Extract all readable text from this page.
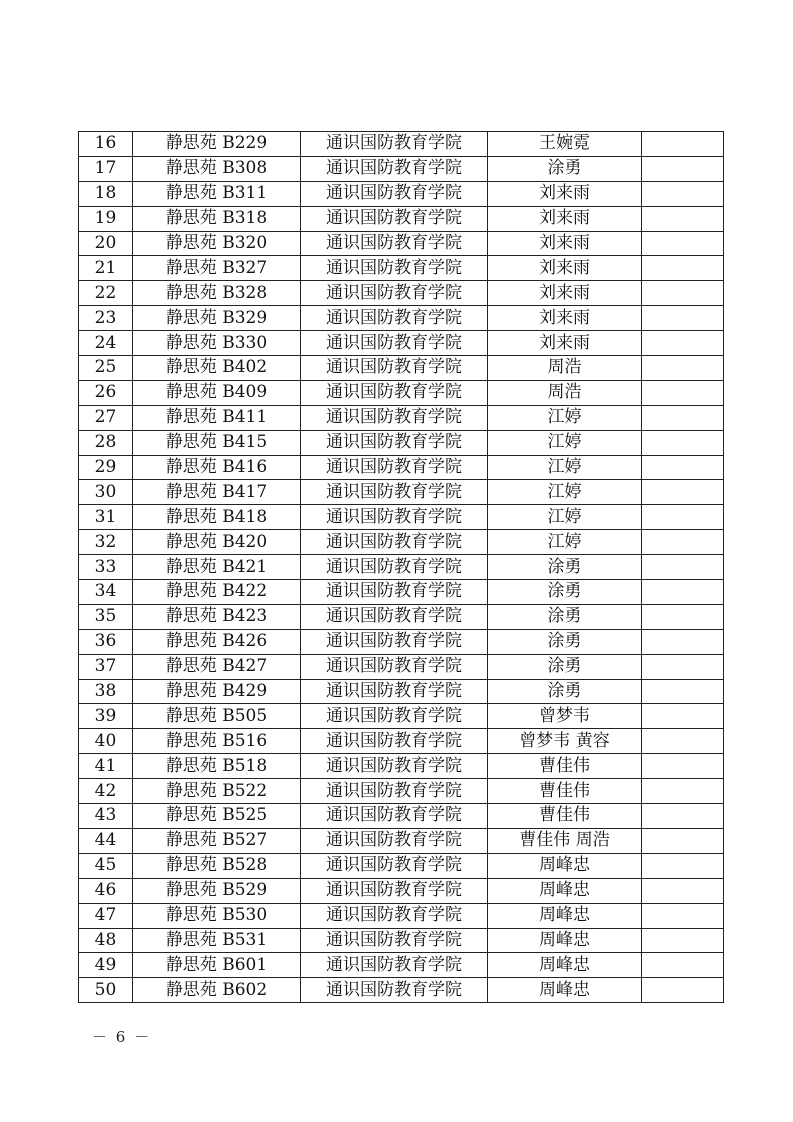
16	静思苑 B229	通识国防教育学院	王婉霓	
17	静思苑 B308	通识国防教育学院	涂勇	
18	静思苑 B311	通识国防教育学院	刘来雨	
19	静思苑 B318	通识国防教育学院	刘来雨	
20	静思苑 B320	通识国防教育学院	刘来雨	
21	静思苑 B327	通识国防教育学院	刘来雨	
22	静思苑 B328	通识国防教育学院	刘来雨	
23	静思苑 B329	通识国防教育学院	刘来雨	
24	静思苑 B330	通识国防教育学院	刘来雨	
25	静思苑 B402	通识国防教育学院	周浩	
26	静思苑 B409	通识国防教育学院	周浩	
27	静思苑 B411	通识国防教育学院	江婷	
28	静思苑 B415	通识国防教育学院	江婷	
29	静思苑 B416	通识国防教育学院	江婷	
30	静思苑 B417	通识国防教育学院	江婷	
31	静思苑 B418	通识国防教育学院	江婷	
32	静思苑 B420	通识国防教育学院	江婷	
33	静思苑 B421	通识国防教育学院	涂勇	
34	静思苑 B422	通识国防教育学院	涂勇	
35	静思苑 B423	通识国防教育学院	涂勇	
36	静思苑 B426	通识国防教育学院	涂勇	
37	静思苑 B427	通识国防教育学院	涂勇	
38	静思苑 B429	通识国防教育学院	涂勇	
39	静思苑 B505	通识国防教育学院	曾梦韦	
40	静思苑 B516	通识国防教育学院	曾梦韦 黄容	
41	静思苑 B518	通识国防教育学院	曹佳伟	
42	静思苑 B522	通识国防教育学院	曹佳伟	
43	静思苑 B525	通识国防教育学院	曹佳伟	
44	静思苑 B527	通识国防教育学院	曹佳伟 周浩	
45	静思苑 B528	通识国防教育学院	周峰忠	
46	静思苑 B529	通识国防教育学院	周峰忠	
47	静思苑 B530	通识国防教育学院	周峰忠	
48	静思苑 B531	通识国防教育学院	周峰忠	
49	静思苑 B601	通识国防教育学院	周峰忠	
50	静思苑 B602	通识国防教育学院	周峰忠	
－ 6 －
